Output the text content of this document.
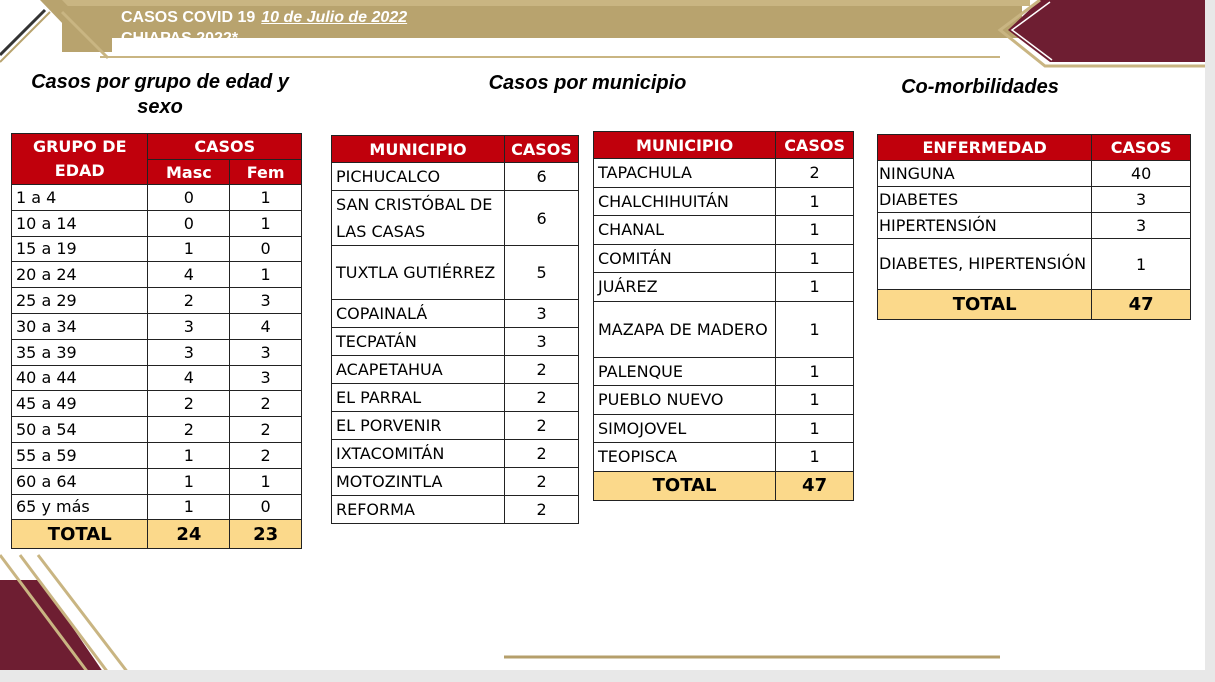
CASOS COVID 19 10 de Julio de 2022
CHIAPAS 2022*
Casos por grupo de edad y sexo
Casos por municipio	Co-morbilidades
GRUPO DE EDAD	CASOS	
	Masc	Fem
1 a 4	0	1
10 a 14	0	1
15 a 19	1	0
20 a 24	4	1
25 a 29	2	3
30 a 34	3	4
35 a 39	3	3
40 a 44	4	3
45 a 49	2	2
50 a 54	2	2
55 a 59	1	2
60 a 64	1	1
65 y más	1	0
TOTAL	24	23
MUNICIPIO	CASOS
PICHUCALCO	6
SAN CRISTÓBAL DE LAS CASAS	6
TUXTLA GUTIÉRREZ	5
COPAINALÁ	3
TECPATÁN	3
ACAPETAHUA	2
EL PARRAL	2
EL PORVENIR	2
IXTACOMITÁN	2
MOTOZINTLA	2
REFORMA	2
MUNICIPIO	CASOS
TAPACHULA	2
CHALCHIHUITÁN	1
CHANAL	1
COMITÁN	1
JUÁREZ	1
MAZAPA DE MADERO	1
PALENQUE	1
PUEBLO NUEVO	1
SIMOJOVEL	1
TEOPISCA	1
TOTAL	47
ENFERMEDAD	CASOS
NINGUNA	40
DIABETES	3
HIPERTENSIÓN	3
DIABETES, HIPERTENSIÓN	1
TOTAL	47
